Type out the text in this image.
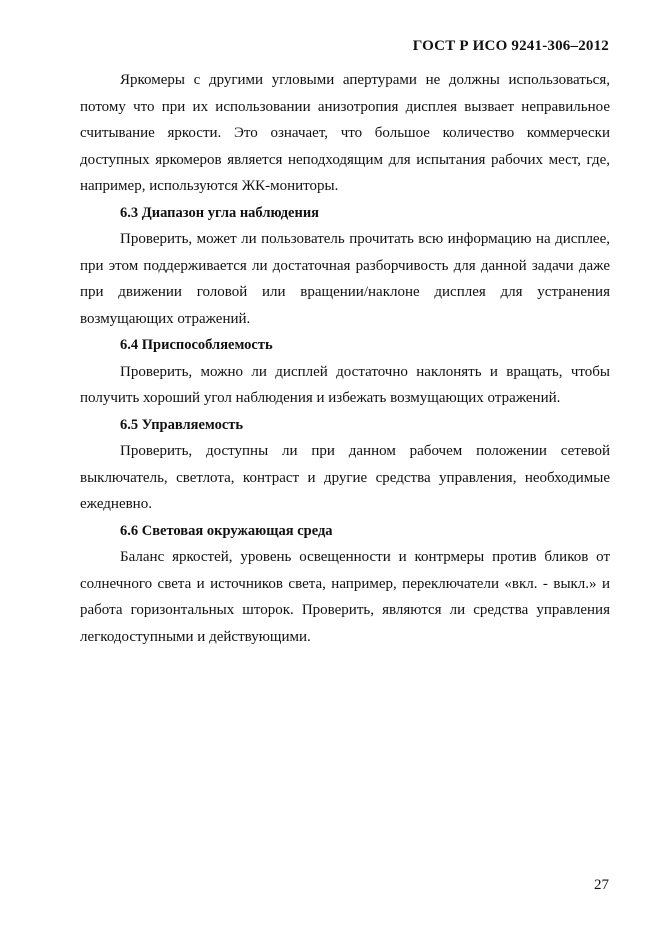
ГОСТ Р ИСО 9241-306–2012

Яркомеры с другими угловыми апертурами не должны использоваться, потому что при их использовании анизотропия дисплея вызвает неправильное считывание яркости. Это означает, что большое количество коммерчески доступных яркомеров является неподходящим для испытания рабочих мест, где, например, используются ЖК-мониторы.

6.3 Диапазон угла наблюдения

Проверить, может ли пользователь прочитать всю информацию на дисплее, при этом поддерживается ли достаточная разборчивость для данной задачи даже при движении головой или вращении/наклоне дисплея для устранения возмущающих отражений.

6.4 Приспособляемость

Проверить, можно ли дисплей достаточно наклонять и вращать, чтобы получить хороший угол наблюдения и избежать возмущающих отражений.

6.5 Управляемость

Проверить, доступны ли при данном рабочем положении сетевой выключатель, светлота, контраст и другие средства управления, необходимые ежедневно.

6.6 Световая окружающая среда

Баланс яркостей, уровень освещенности и контрмеры против бликов от солнечного света и источников света, например, переключатели «вкл. - выкл.» и работа горизонтальных шторок. Проверить, являются ли средства управления легкодоступными и действующими.

27
